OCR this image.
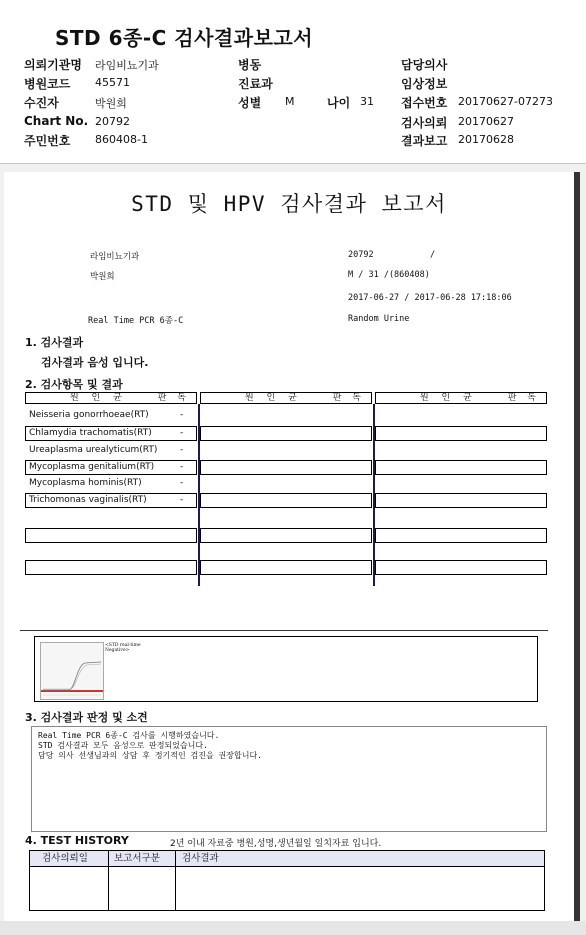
STD 6종-C 검사결과보고서
의뢰기관명 라임비뇨기과	병동	담당의사
병원코드 45571	진료과	임상정보
수진자	박원희	성별 M	나이 31 접수번호 20170627-07273
Chart No. 20792	검사의뢰 20170627
주민번호 860408-1	결과보고 20170628
STD 및 HPV 검사결과 보고서
라임비뇨기과	20792	/
박원희	M / 31 /(860408)
2017-06-27 / 2017-06-28 17:18:06
Real Time PCR 6종-C	Random Urine
1. 검사결과
검사결과 음성 입니다.
2. 검사항목 및 결과
원 인 균	판 독
Neisseria gonorrhoeae(RT)	-
Chlamydia trachomatis(RT)	-
Ureaplasma urealyticum(RT)	-
Mycoplasma genitalium(RT)	-
Mycoplasma hominis(RT)	-
Trichomonas vaginalis(RT)	-
원 인 균	판 독	원 인 균	판 독
<STD real-time
Negative>
3. 검사결과 판정 및 소견
Real Time PCR 6종-C 검사를 시행하였습니다.
STD 검사결과 모두 음성으로 판정되었습니다.
담당 의사 선생님과의 상담 후 정기적인 검진을 권장합니다.
4. TEST HISTORY	2년 이내 자료중 병원,성명,생년월일 일치자료 입니다.
검사의뢰일	보고서구분 검사결과
